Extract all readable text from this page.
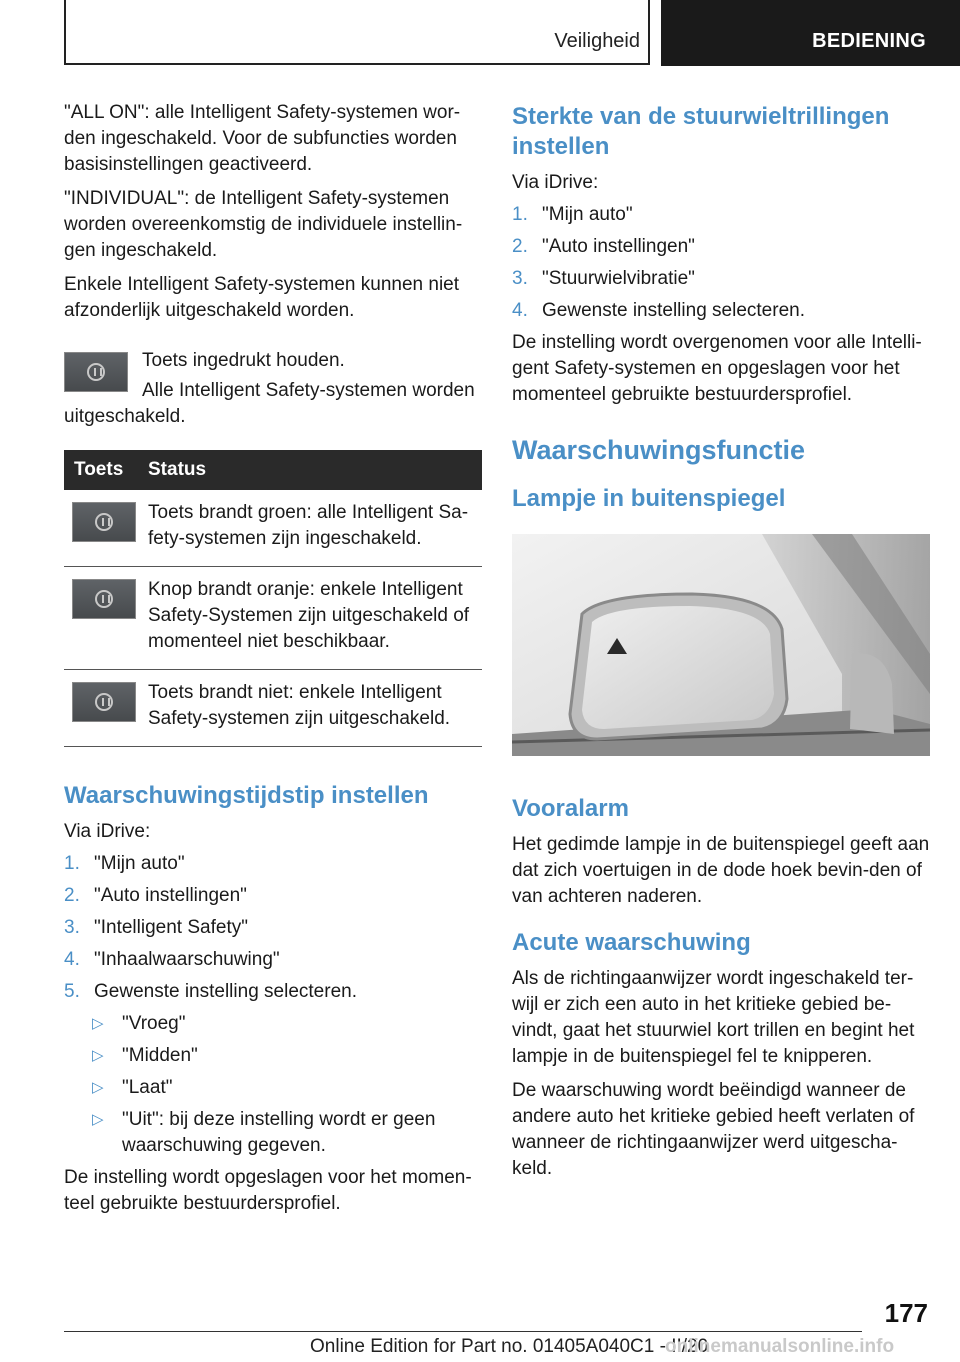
Veiligheid	BEDIENING

"ALL ON": alle Intelligent Safety-systemen wor-den ingeschakeld. Voor de subfuncties worden basisinstellingen geactiveerd.

"INDIVIDUAL": de Intelligent Safety-systemen worden overeenkomstig de individuele instellin-gen ingeschakeld.

Enkele Intelligent Safety-systemen kunnen niet afzonderlijk uitgeschakeld worden.

Toets ingedrukt houden.

Alle Intelligent Safety-systemen worden uitgeschakeld.

Toets	Status

	Toets brandt groen: alle Intelligent Sa-fety-systemen zijn ingeschakeld.

	Knop brandt oranje: enkele Intelligent Safety-Systemen zijn uitgeschakeld of momenteel niet beschikbaar.

	Toets brandt niet: enkele Intelligent Safety-systemen zijn uitgeschakeld.
Waarschuwingstijdstip instellen

Via iDrive:

1. "Mijn auto"
2. "Auto instellingen"
3. "Intelligent Safety"
4. "Inhaalwaarschuwing"
5. Gewenste instelling selecteren.
▷ "Vroeg"
▷ "Midden"
▷ "Laat"
▷ "Uit": bij deze instelling wordt er geen waarschuwing gegeven.

De instelling wordt opgeslagen voor het momen-teel gebruikte bestuurdersprofiel.

Sterkte van de stuurwieltrillingen instellen

Via iDrive:

1. "Mijn auto"
2. "Auto instellingen"
3. "Stuurwielvibratie"
4. Gewenste instelling selecteren.

De instelling wordt overgenomen voor alle Intelli-gent Safety-systemen en opgeslagen voor het momenteel gebruikte bestuurdersprofiel.

Waarschuwingsfunctie
Lampje in buitenspiegel
Vooralarm

Het gedimde lampje in de buitenspiegel geeft aan dat zich voertuigen in de dode hoek bevin-den of van achteren naderen.

Acute waarschuwing

Als de richtingaanwijzer wordt ingeschakeld ter-wijl er zich een auto in het kritieke gebied be-vindt, gaat het stuurwiel kort trillen en begint het lampje in de buitenspiegel fel te knipperen.

De waarschuwing wordt beëindigd wanneer de andere auto het kritieke gebied heeft verlaten of wanneer de richtingaanwijzer werd uitgescha-keld.

177
Online Edition for Part no. 01405A040C1 - II/20
onlinemanualsonline.info
